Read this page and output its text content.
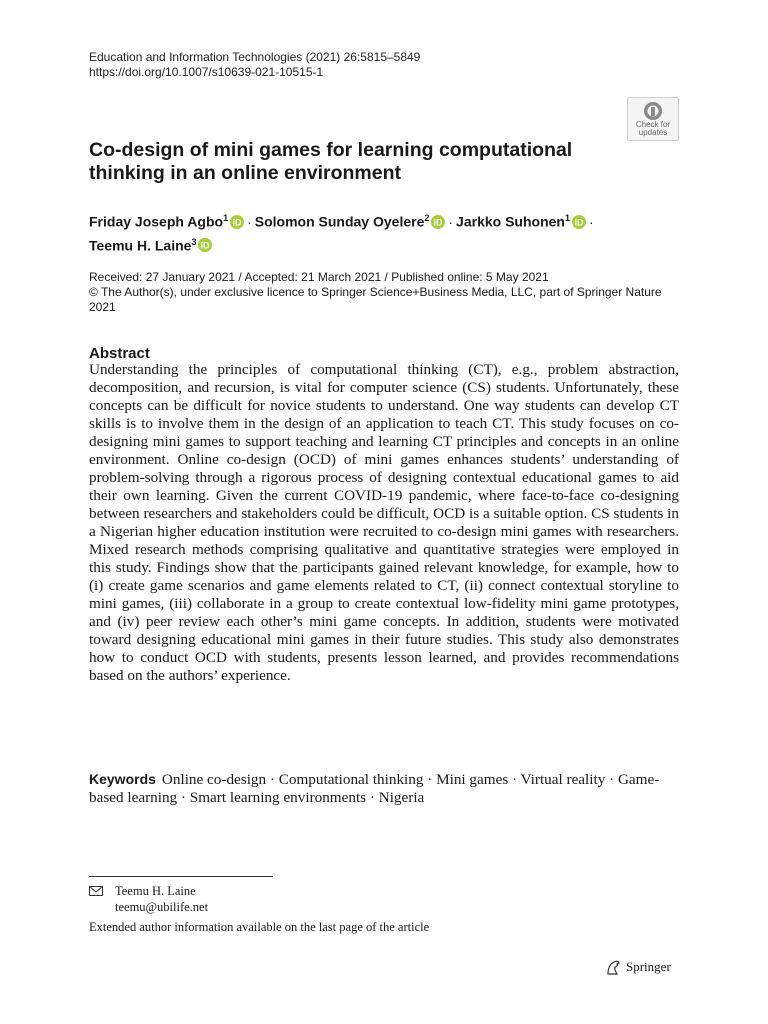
Education and Information Technologies (2021) 26:5815–5849
https://doi.org/10.1007/s10639-021-10515-1
Check for
updates
Co-design of mini games for learning computational thinking in an online environment
Friday Joseph Agbo$^1$ iD · Solomon Sunday Oyelere$^2$ iD · Jarkko Suhonen$^1$ iD ·
Teemu H. Laine$^3$ iD
Received: 27 January 2021 / Accepted: 21 March 2021 / Published online: 5 May 2021
© The Author(s), under exclusive licence to Springer Science+Business Media, LLC, part of Springer Nature 2021
Abstract
Understanding the principles of computational thinking (CT), e.g., problem abstraction, decomposition, and recursion, is vital for computer science (CS) students. Unfortunately, these concepts can be difficult for novice students to understand. One way students can develop CT skills is to involve them in the design of an application to teach CT. This study focuses on co-designing mini games to support teaching and learning CT principles and concepts in an online environment. Online co-design (OCD) of mini games enhances students’ understanding of problem-solving through a rigorous process of designing contextual educational games to aid their own learning. Given the current COVID-19 pandemic, where face-to-face co-designing between researchers and stakeholders could be difficult, OCD is a suitable option. CS students in a Nigerian higher education institution were recruited to co-design mini games with researchers. Mixed research methods comprising qualitative and quantitative strategies were employed in this study. Findings show that the participants gained relevant knowledge, for example, how to (i) create game scenarios and game elements related to CT, (ii) connect contextual storyline to mini games, (iii) collaborate in a group to create contextual low-fidelity mini game prototypes, and (iv) peer review each other’s mini game concepts. In addition, students were motivated toward designing educational mini games in their future studies. This study also demonstrates how to conduct OCD with students, presents lesson learned, and provides recommendations based on the authors’ experience.
Keywords Online co-design · Computational thinking · Mini games · Virtual reality · Game-based learning · Smart learning environments · Nigeria
Teemu H. Laine
teemu@ubilife.net
Extended author information available on the last page of the article
Springer
